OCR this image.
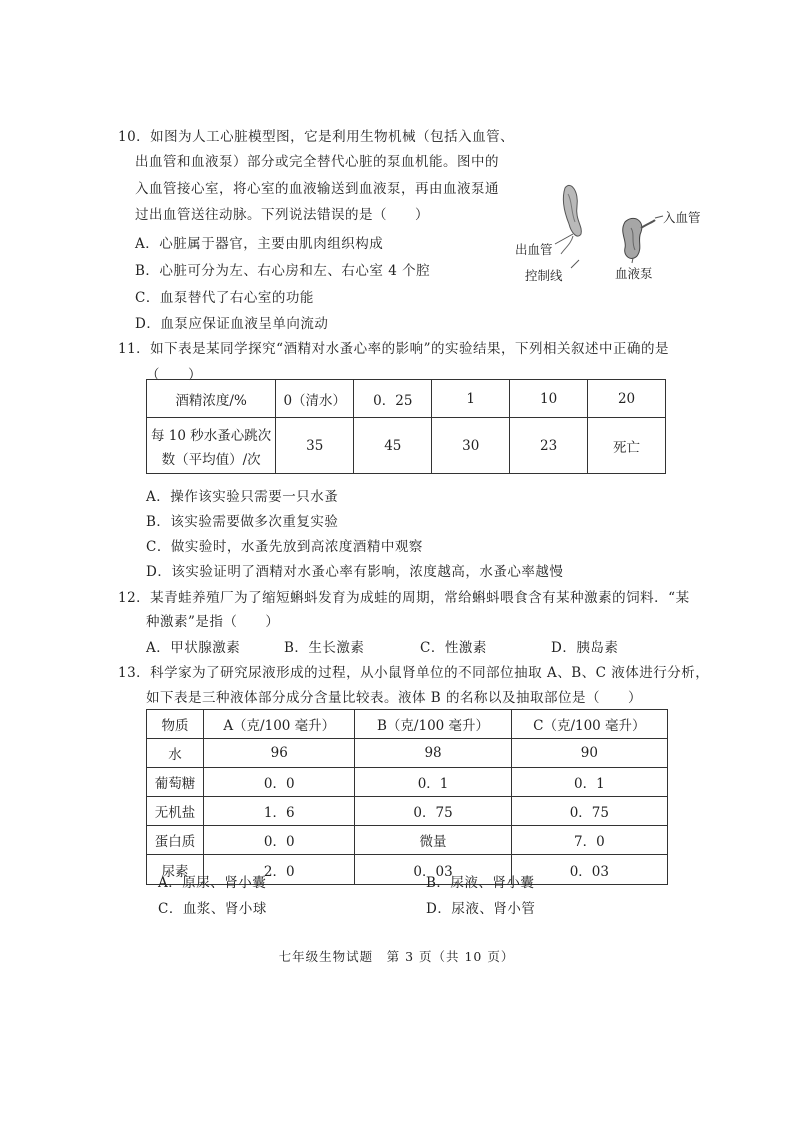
10．如图为人工心脏模型图，它是利用生物机械（包括入血管、
出血管和血液泵）部分或完全替代心脏的泵血机能。图中的
入血管接心室，将心室的血液输送到血液泵，再由血液泵通
过出血管送往动脉。下列说法错误的是（　　）
A．心脏属于器官，主要由肌肉组织构成
B．心脏可分为左、右心房和左、右心室 4 个腔
C．血泵替代了右心室的功能
D．血泵应保证血液呈单向流动
入血管
出血管
控制线	血液泵
11．如下表是某同学探究“酒精对水蚤心率的影响”的实验结果，下列相关叙述中正确的是
（　　）
酒精浓度/%	0（清水）	0．25	1	10	20

每 10 秒水蚤心跳次
数（平均值）/次	35	45	30	23	死亡
A．操作该实验只需要一只水蚤
B．该实验需要做多次重复实验
C．做实验时，水蚤先放到高浓度酒精中观察
D．该实验证明了酒精对水蚤心率有影响，浓度越高，水蚤心率越慢
12．某青蛙养殖厂为了缩短蝌蚪发育为成蛙的周期，常给蝌蚪喂食含有某种激素的饲料．“某
种激素”是指（　　）
A．甲状腺激素	B．生长激素	C．性激素	D．胰岛素
13．科学家为了研究尿液形成的过程，从小鼠肾单位的不同部位抽取 A、B、C 液体进行分析，
如下表是三种液体部分成分含量比较表。液体 B 的名称以及抽取部位是（　　）
物质	A（克/100 毫升）	B（克/100 毫升）	C（克/100 毫升）
水	96	98	90
葡萄糖	0．0	0．1	0．1
无机盐	1．6	0．75	0．75
蛋白质	0．0	微量	7．0
尿素	2．0	0．03	0．03
A．原尿、肾小囊	B．尿液、肾小囊
C．血浆、肾小球	D．尿液、肾小管
七年级生物试题　第 3 页（共 10 页）
